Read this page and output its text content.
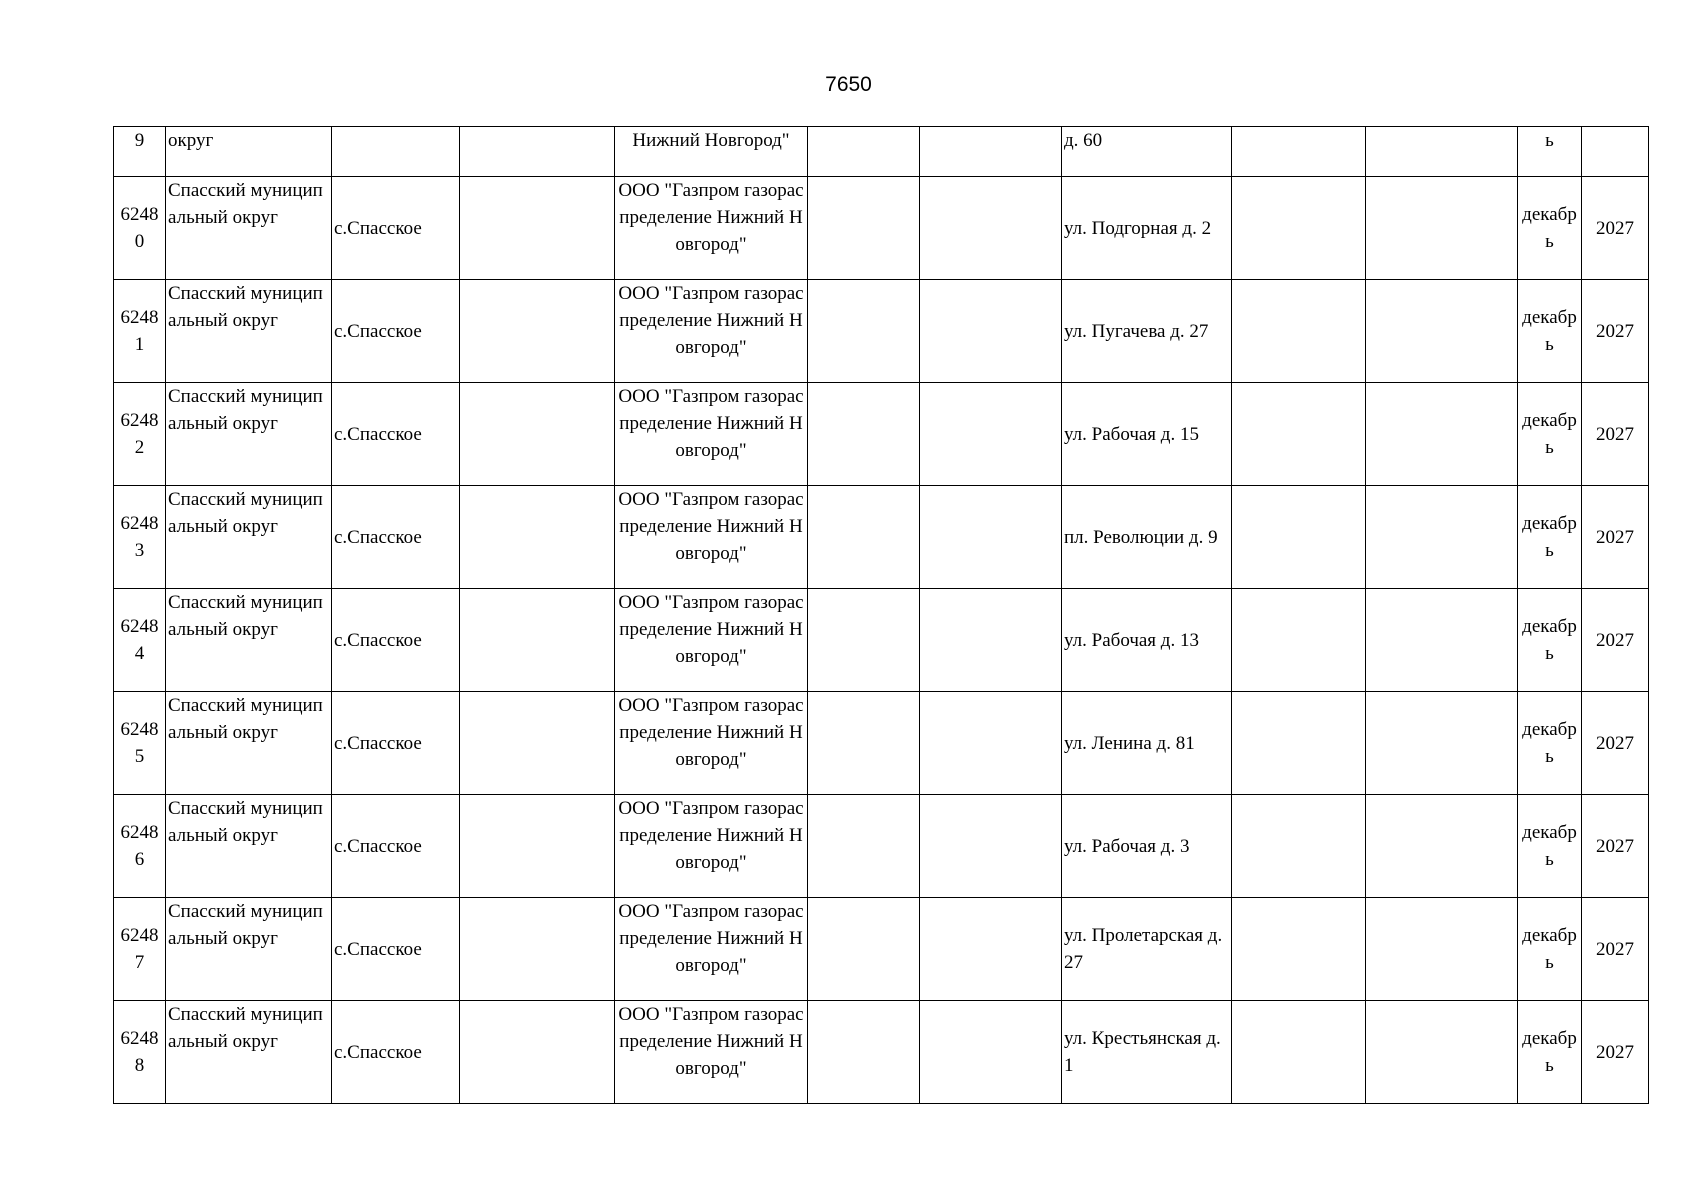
7650
9	округ			Нижний Новгород"			д. 60			ь	
62480	Спасский муниципальный округ	с.Спасское		ООО "Газпром газораспределение Нижний Новгород"			ул. Подгорная д. 2			декабрь	2027
62481	Спасский муниципальный округ	с.Спасское		ООО "Газпром газораспределение Нижний Новгород"			ул. Пугачева д. 27			декабрь	2027
62482	Спасский муниципальный округ	с.Спасское		ООО "Газпром газораспределение Нижний Новгород"			ул. Рабочая д. 15			декабрь	2027
62483	Спасский муниципальный округ	с.Спасское		ООО "Газпром газораспределение Нижний Новгород"			пл. Революции д. 9			декабрь	2027
62484	Спасский муниципальный округ	с.Спасское		ООО "Газпром газораспределение Нижний Новгород"			ул. Рабочая д. 13			декабрь	2027
62485	Спасский муниципальный округ	с.Спасское		ООО "Газпром газораспределение Нижний Новгород"			ул. Ленина д. 81			декабрь	2027
62486	Спасский муниципальный округ	с.Спасское		ООО "Газпром газораспределение Нижний Новгород"			ул. Рабочая д. 3			декабрь	2027
62487	Спасский муниципальный округ	с.Спасское		ООО "Газпром газораспределение Нижний Новгород"			ул. Пролетарская д. 27			декабрь	2027
62488	Спасский муниципальный округ	с.Спасское		ООО "Газпром газораспределение Нижний Новгород"			ул. Крестьянская д. 1			декабрь	2027
